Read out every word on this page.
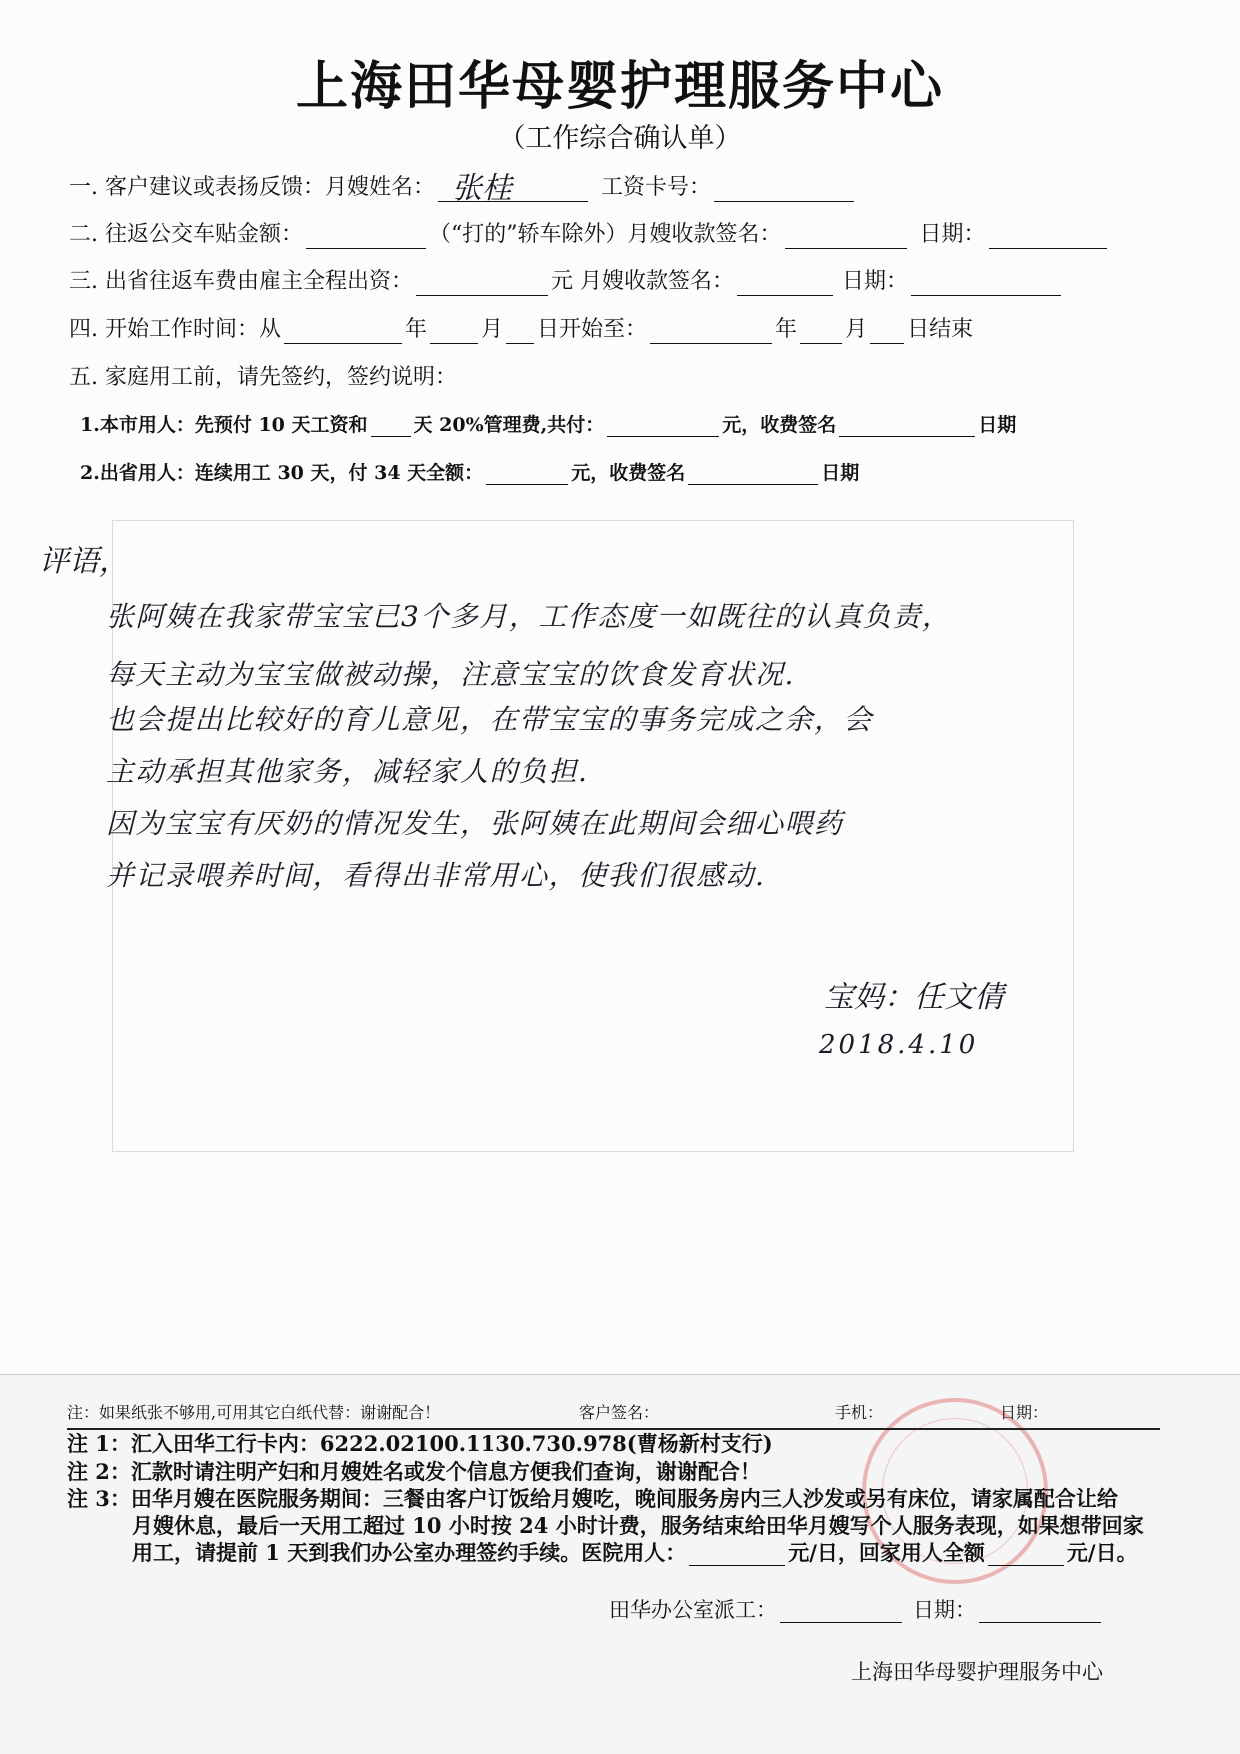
上海田华母婴护理服务中心
（工作综合确认单）
一. 客户建议或表扬反馈：月嫂姓名： 张桂	工资卡号：
二. 往返公交车贴金额：	（“打的”轿车除外）月嫂收款签名：	日期：
三. 出省往返车费由雇主全程出资：	元 月嫂收款签名：	日期：
四. 开始工作时间：从	年 月 日开始至：	年 月 日结束
五. 家庭用工前，请先签约，签约说明：
1.本市用人：先预付 10 天工资和 天 20%管理费,共付：	元，收费签名	日期
2.出省用人：连续用工 30 天，付 34 天全额：	元，收费签名	日期
评语，
张阿姨在我家带宝宝已3个多月，工作态度一如既往的认真负责，
每天主动为宝宝做被动操，注意宝宝的饮食发育状况.
也会提出比较好的育儿意见，在带宝宝的事务完成之余，会
主动承担其他家务，减轻家人的负担.
因为宝宝有厌奶的情况发生，张阿姨在此期间会细心喂药
并记录喂养时间，看得出非常用心，使我们很感动.
宝妈：任文倩
2018.4.10
注：如果纸张不够用,可用其它白纸代替：谢谢配合！	客户签名：	手机：	日期：
注 1：汇入田华工行卡内：6222.02100.1130.730.978(曹杨新村支行)
注 2：汇款时请注明产妇和月嫂姓名或发个信息方便我们查询，谢谢配合！
注 3：田华月嫂在医院服务期间：三餐由客户订饭给月嫂吃，晚间服务房内三人沙发或另有床位，请家属配合让给
月嫂休息，最后一天用工超过 10 小时按 24 小时计费，服务结束给田华月嫂写个人服务表现，如果想带回家
用工，请提前 1 天到我们办公室办理签约手续。医院用人：	元/日，回家用人全额	元/日。
田华办公室派工：	日期：
上海田华母婴护理服务中心
